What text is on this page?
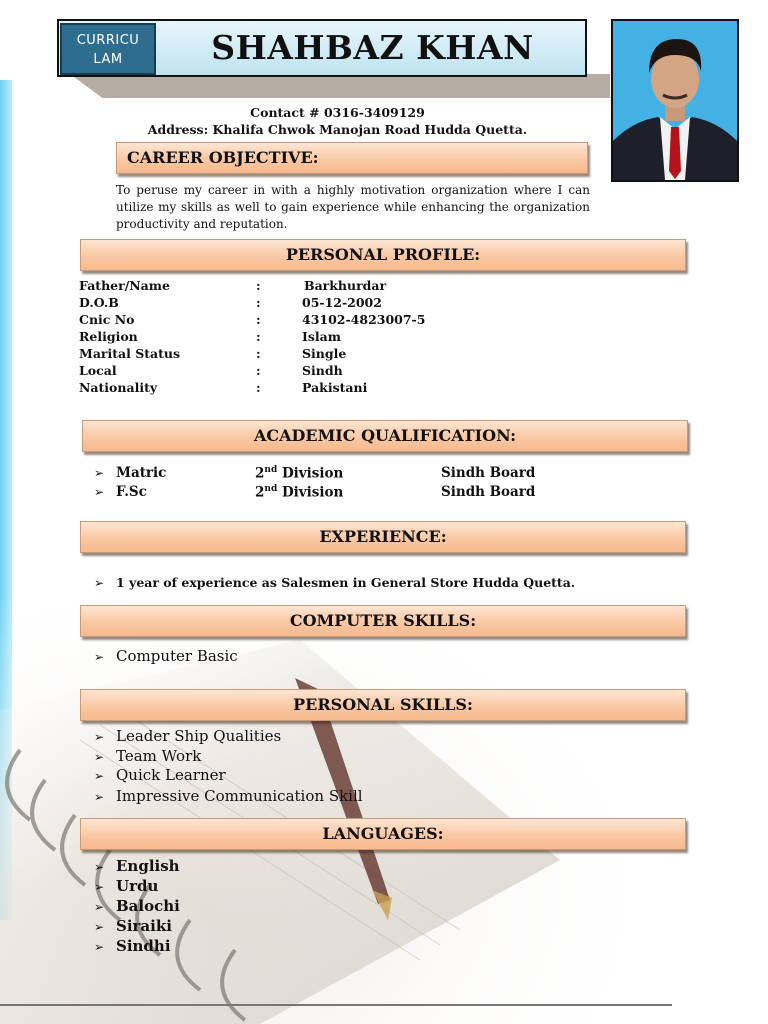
CURRICU
LAM	SHAHBAZ KHAN
Contact # 0316-3409129
Address: Khalifa Chwok Manojan Road Hudda Quetta.
CAREER OBJECTIVE:
To peruse my career in with a highly motivation organization where I can utilize my skills as well to gain experience while enhancing the organization productivity and reputation.
PERSONAL PROFILE:
Father/Name	:	Barkhurdar
D.O.B	:	05-12-2002
Cnic No	:	43102-4823007-5
Religion	:	Islam
Marital Status	:	Single
Local	:	Sindh
Nationality	:	Pakistani
ACADEMIC QUALIFICATION:
➢ Matric	2nd Division	Sindh Board
➢ F.Sc	2nd Division	Sindh Board
EXPERIENCE:
➢ 1 year of experience as Salesmen in General Store Hudda Quetta.
COMPUTER SKILLS:
➢ Computer Basic
PERSONAL SKILLS:
➢ Leader Ship Qualities
➢ Team Work
➢ Quick Learner
➢ Impressive Communication Skill
LANGUAGES:
➢ English
➢ Urdu
➢ Balochi
➢ Siraiki
➢ Sindhi
